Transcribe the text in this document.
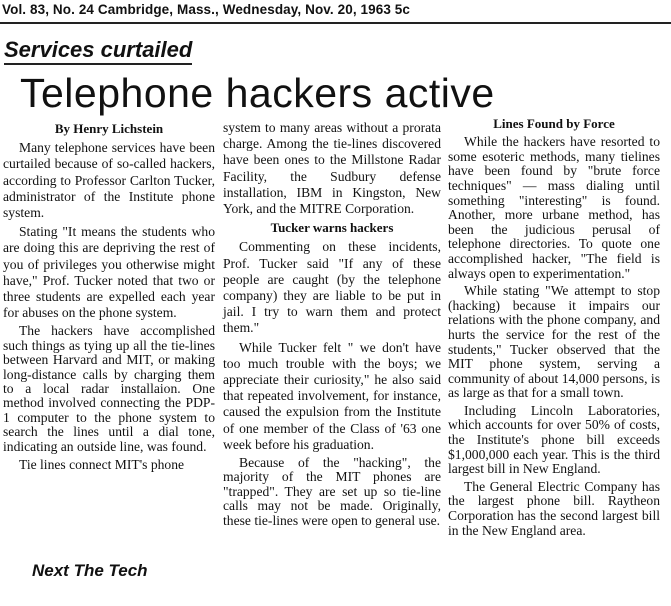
Vol. 83, No. 24 Cambridge, Mass., Wednesday, Nov. 20, 1963 5c
Services curtailed
Telephone hackers active
By Henry Lichstein

Many telephone services have been curtailed because of so-called hackers, according to Professor Carlton Tucker, administrator of the Institute phone system.

Stating "It means the students who are doing this are depriving the rest of you of privileges you otherwise might have," Prof. Tucker noted that two or three students are expelled each year for abuses on the phone system.

The hackers have accomplished such things as tying up all the tie-lines between Harvard and MIT, or making long-distance calls by charging them to a local radar installaion. One method involved connecting the PDP-1 computer to the phone system to search the lines until a dial tone, indicating an outside line, was found.

Tie lines connect MIT's phone

system to many areas without a prorata charge. Among the tie-lines discovered have been ones to the Millstone Radar Facility, the Sudbury defense installation, IBM in Kingston, New York, and the MITRE Corporation.

Tucker warns hackers

Commenting on these incidents, Prof. Tucker said "If any of these people are caught (by the telephone company) they are liable to be put in jail. I try to warn them and protect them."

While Tucker felt " we don't have too much trouble with the boys; we appreciate their curiosity," he also said that repeated involvement, for instance, caused the expulsion from the Institute of one member of the Class of '63 one week before his graduation.

Because of the "hacking", the majority of the MIT phones are "trapped". They are set up so tie-line calls may not be made. Originally, these tie-lines were open to general use.

Lines Found by Force

While the hackers have resorted to some esoteric methods, many tielines have been found by "brute force techniques" — mass dialing until something "interesting" is found. Another, more urbane method, has been the judicious perusal of telephone directories. To quote one accomplished hacker, "The field is always open to experimentation."

While stating "We attempt to stop (hacking) because it impairs our relations with the phone company, and hurts the service for the rest of the students," Tucker observed that the MIT phone system, serving a community of about 14,000 persons, is as large as that for a small town.

Including Lincoln Laboratories, which accounts for over 50% of costs, the Institute's phone bill exceeds $1,000,000 each year. This is the third largest bill in New England.

The General Electric Company has the largest phone bill. Raytheon Corporation has the second largest bill in the New England area.

Next The Tech
